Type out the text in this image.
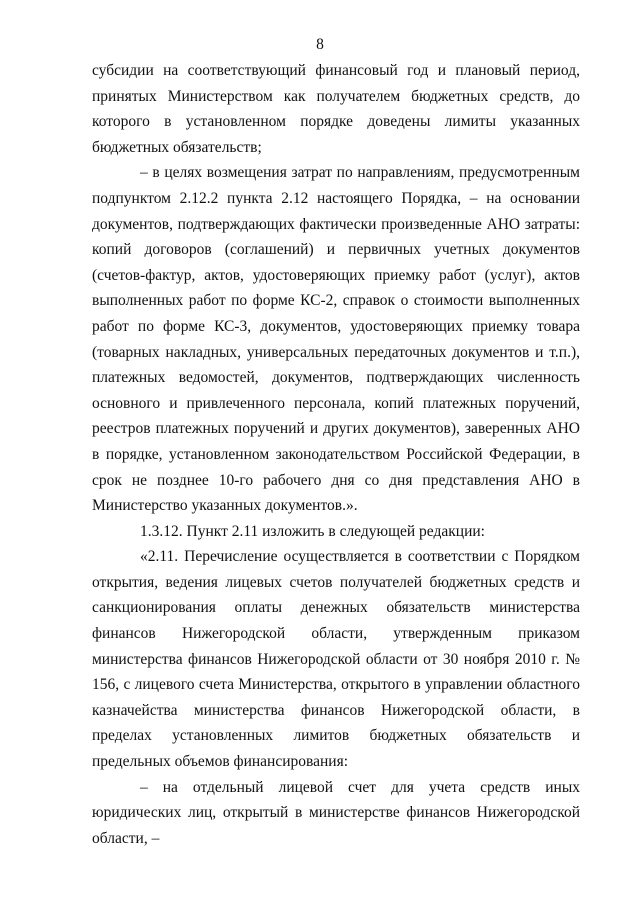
8

субсидии на соответствующий финансовый год и плановый период, принятых Министерством как получателем бюджетных средств, до которого в установленном порядке доведены лимиты указанных бюджетных обязательств;

– в целях возмещения затрат по направлениям, предусмотренным подпунктом 2.12.2 пункта 2.12 настоящего Порядка, – на основании документов, подтверждающих фактически произведенные АНО затраты: копий договоров (соглашений) и первичных учетных документов (счетов-фактур, актов, удостоверяющих приемку работ (услуг), актов выполненных работ по форме КС-2, справок о стоимости выполненных работ по форме КС-3, документов, удостоверяющих приемку товара (товарных накладных, универсальных передаточных документов и т.п.), платежных ведомостей, документов, подтверждающих численность основного и привлеченного персонала, копий платежных поручений, реестров платежных поручений и других документов), заверенных АНО в порядке, установленном законодательством Российской Федерации, в срок не позднее 10-го рабочего дня со дня представления АНО в Министерство указанных документов.».

1.3.12. Пункт 2.11 изложить в следующей редакции:

«2.11. Перечисление осуществляется в соответствии с Порядком открытия, ведения лицевых счетов получателей бюджетных средств и санкционирования оплаты денежных обязательств министерства финансов Нижегородской области, утвержденным приказом министерства финансов Нижегородской области от 30 ноября 2010 г. № 156, с лицевого счета Министерства, открытого в управлении областного казначейства министерства финансов Нижегородской области, в пределах установленных лимитов бюджетных обязательств и предельных объемов финансирования:

– на отдельный лицевой счет для учета средств иных юридических лиц, открытый в министерстве финансов Нижегородской области, –
